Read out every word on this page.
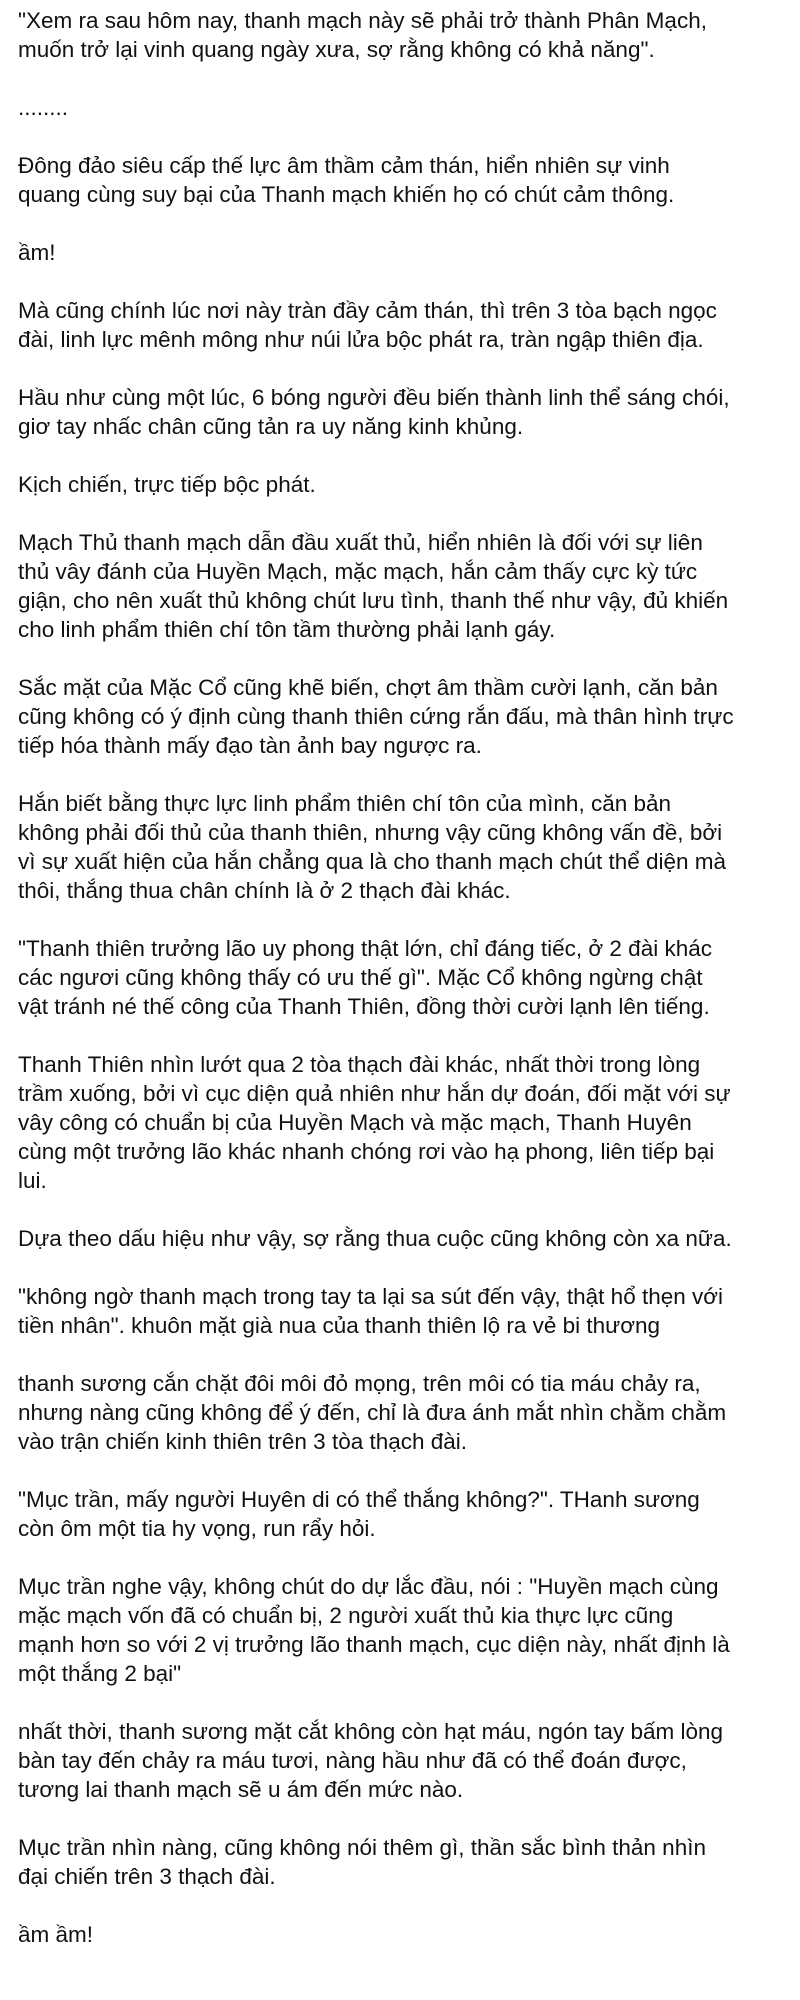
"Xem ra sau hôm nay, thanh mạch này sẽ phải trở thành Phân Mạch,
muốn trở lại vinh quang ngày xưa, sợ rằng không có khả năng".

........

Đông đảo siêu cấp thế lực âm thầm cảm thán, hiển nhiên sự vinh
quang cùng suy bại của Thanh mạch khiến họ có chút cảm thông.

ầm!

Mà cũng chính lúc nơi này tràn đầy cảm thán, thì trên 3 tòa bạch ngọc
đài, linh lực mênh mông như núi lửa bộc phát ra, tràn ngập thiên địa.

Hầu như cùng một lúc, 6 bóng người đều biến thành linh thể sáng chói,
giơ tay nhấc chân cũng tản ra uy năng kinh khủng.

Kịch chiến, trực tiếp bộc phát.

Mạch Thủ thanh mạch dẫn đầu xuất thủ, hiển nhiên là đối với sự liên
thủ vây đánh của Huyền Mạch, mặc mạch, hắn cảm thấy cực kỳ tức
giận, cho nên xuất thủ không chút lưu tình, thanh thế như vậy, đủ khiến
cho linh phẩm thiên chí tôn tầm thường phải lạnh gáy.

Sắc mặt của Mặc Cổ cũng khẽ biến, chợt âm thầm cười lạnh, căn bản
cũng không có ý định cùng thanh thiên cứng rắn đấu, mà thân hình trực
tiếp hóa thành mấy đạo tàn ảnh bay ngược ra.

Hắn biết bằng thực lực linh phẩm thiên chí tôn của mình, căn bản
không phải đối thủ của thanh thiên, nhưng vậy cũng không vấn đề, bởi
vì sự xuất hiện của hắn chẳng qua là cho thanh mạch chút thể diện mà
thôi, thắng thua chân chính là ở 2 thạch đài khác.

"Thanh thiên trưởng lão uy phong thật lớn, chỉ đáng tiếc, ở 2 đài khác
các ngươi cũng không thấy có ưu thế gì". Mặc Cổ không ngừng chật
vật tránh né thế công của Thanh Thiên, đồng thời cười lạnh lên tiếng.

Thanh Thiên nhìn lướt qua 2 tòa thạch đài khác, nhất thời trong lòng
trầm xuống, bởi vì cục diện quả nhiên như hắn dự đoán, đối mặt với sự
vây công có chuẩn bị của Huyền Mạch và mặc mạch, Thanh Huyên
cùng một trưởng lão khác nhanh chóng rơi vào hạ phong, liên tiếp bại
lui.

Dựa theo dấu hiệu như vậy, sợ rằng thua cuộc cũng không còn xa nữa.

"không ngờ thanh mạch trong tay ta lại sa sút đến vậy, thật hổ thẹn với
tiền nhân". khuôn mặt già nua của thanh thiên lộ ra vẻ bi thương

thanh sương cắn chặt đôi môi đỏ mọng, trên môi có tia máu chảy ra,
nhưng nàng cũng không để ý đến, chỉ là đưa ánh mắt nhìn chằm chằm
vào trận chiến kinh thiên trên 3 tòa thạch đài.

"Mục trần, mấy người Huyên di có thể thắng không?". THanh sương
còn ôm một tia hy vọng, run rẩy hỏi.

Mục trần nghe vậy, không chút do dự lắc đầu, nói : "Huyền mạch cùng
mặc mạch vốn đã có chuẩn bị, 2 người xuất thủ kia thực lực cũng
mạnh hơn so với 2 vị trưởng lão thanh mạch, cục diện này, nhất định là
một thắng 2 bại"

nhất thời, thanh sương mặt cắt không còn hạt máu, ngón tay bấm lòng
bàn tay đến chảy ra máu tươi, nàng hầu như đã có thể đoán được,
tương lai thanh mạch sẽ u ám đến mức nào.

Mục trần nhìn nàng, cũng không nói thêm gì, thần sắc bình thản nhìn
đại chiến trên 3 thạch đài.

ầm ầm!
